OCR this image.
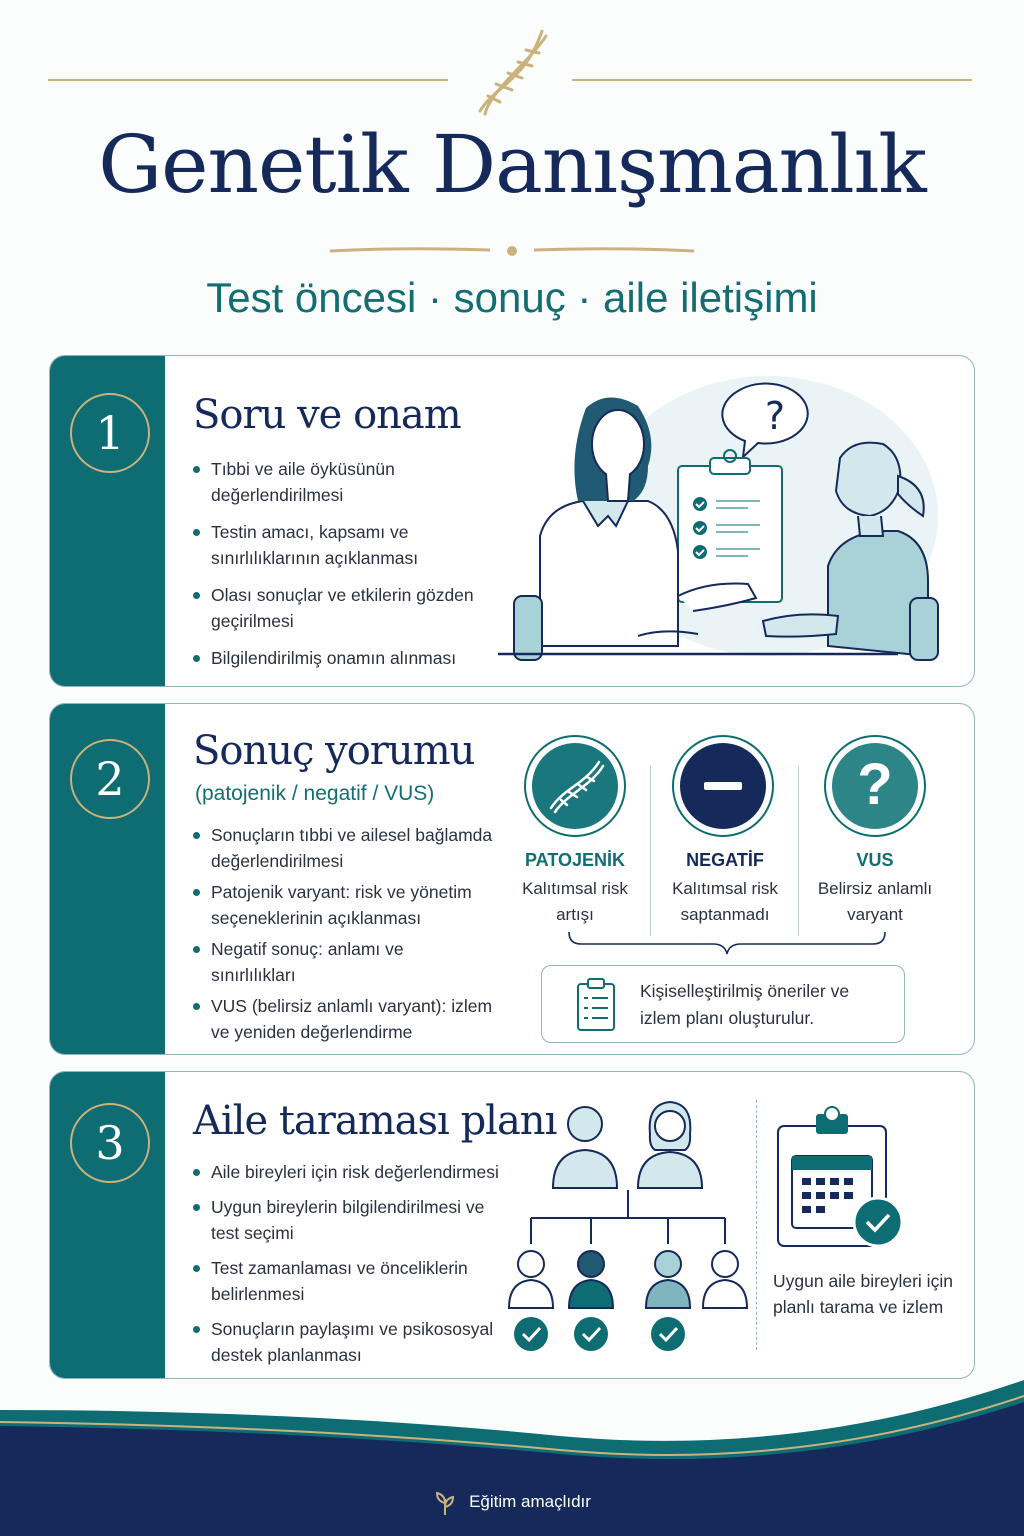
Genetik Danışmanlık
Test öncesi · sonuç · aile iletişimi
1	Soru ve onam
Tıbbi ve aile öyküsünün değerlendirilmesi
Testin amacı, kapsamı ve sınırlılıklarının açıklanması
Olası sonuçlar ve etkilerin gözden geçirilmesi
Bilgilendirilmiş onamın alınması
?
2
Sonuç yorumu
(patojenik / negatif / VUS)
Sonuçların tıbbi ve ailesel bağlamda değerlendirilmesi
Patojenik varyant: risk ve yönetim seçeneklerinin açıklanması
Negatif sonuç: anlamı ve sınırlılıkları
VUS (belirsiz anlamlı varyant): izlem ve yeniden değerlendirme
?
PATOJENİK	NEGATİF	VUS
Kalıtımsal risk artışı
Kalıtımsal risk saptanmadı
Belirsiz anlamlı varyant
Kişiselleştirilmiş öneriler ve izlem planı oluşturulur.
3	Aile taraması planı
Aile bireyleri için risk değerlendirmesi
Uygun bireylerin bilgilendirilmesi ve test seçimi
Test zamanlaması ve önceliklerin belirlenmesi
Sonuçların paylaşımı ve psikososyal destek planlanması
Uygun aile bireyleri için planlı tarama ve izlem
Eğitim amaçlıdır
